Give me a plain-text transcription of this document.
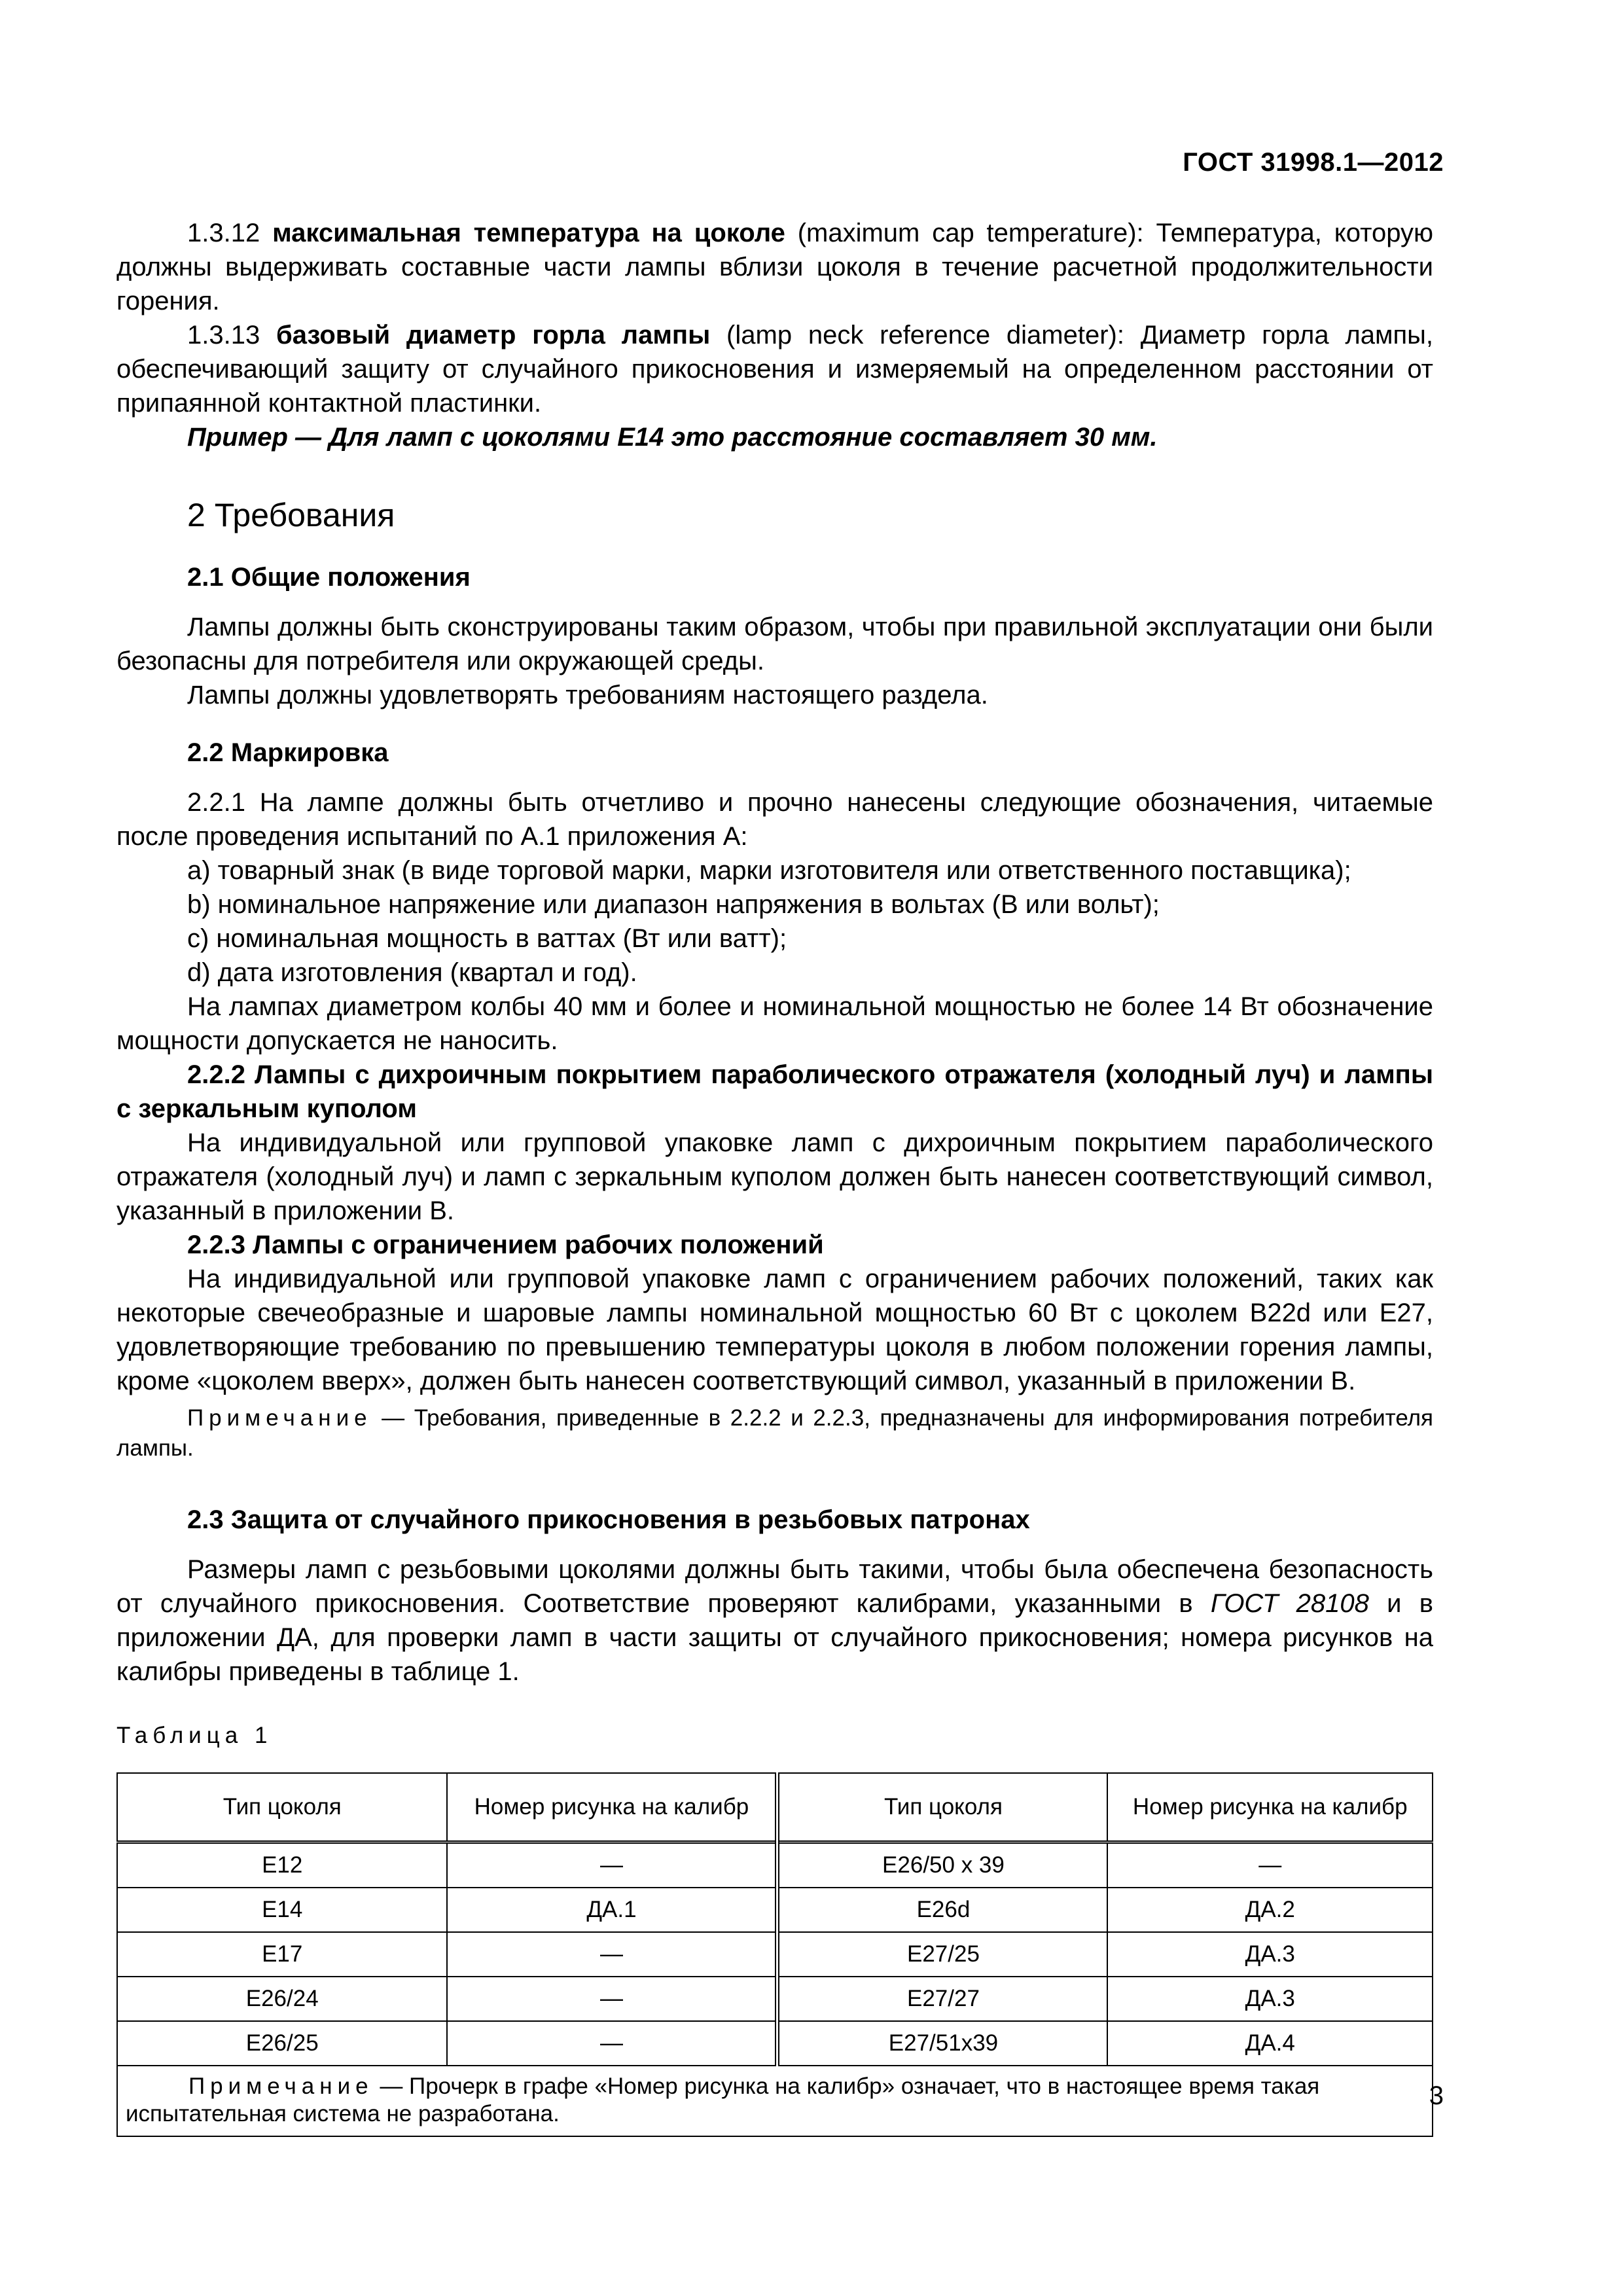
ГОСТ 31998.1—2012

1.3.12 максимальная температура на цоколе (maximum cap temperature): Температура, которую должны выдерживать составные части лампы вблизи цоколя в течение расчетной продолжительности горения.

1.3.13 базовый диаметр горла лампы (lamp neck reference diameter): Диаметр горла лампы, обеспечивающий защиту от случайного прикосновения и измеряемый на определенном расстоянии от припаянной контактной пластинки.

Пример — Для ламп с цоколями Е14 это расстояние составляет 30 мм.

2 Требования
2.1 Общие положения

Лампы должны быть сконструированы таким образом, чтобы при правильной эксплуатации они были безопасны для потребителя или окружающей среды.

Лампы должны удовлетворять требованиям настоящего раздела.

2.2 Маркировка

2.2.1 На лампе должны быть отчетливо и прочно нанесены следующие обозначения, читаемые после проведения испытаний по А.1 приложения А:

а) товарный знак (в виде торговой марки, марки изготовителя или ответственного поставщика);

b) номинальное напряжение или диапазон напряжения в вольтах (В или вольт);

c) номинальная мощность в ваттах (Вт или ватт);

d) дата изготовления (квартал и год).

На лампах диаметром колбы 40 мм и более и номинальной мощностью не более 14 Вт обозначение мощности допускается не наносить.

2.2.2 Лампы с дихроичным покрытием параболического отражателя (холодный луч) и лампы с зеркальным куполом

На индивидуальной или групповой упаковке ламп с дихроичным покрытием параболического отражателя (холодный луч) и ламп с зеркальным куполом должен быть нанесен соответствующий символ, указанный в приложении В.

2.2.3 Лампы с ограничением рабочих положений

На индивидуальной или групповой упаковке ламп с ограничением рабочих положений, таких как некоторые свечеобразные и шаровые лампы номинальной мощностью 60 Вт с цоколем В22d или Е27, удовлетворяющие требованию по превышению температуры цоколя в любом положении горения лампы, кроме «цоколем вверх», должен быть нанесен соответствующий символ, указанный в приложении В.

Примечание — Требования, приведенные в 2.2.2 и 2.2.3, предназначены для информирования потребителя лампы.

2.3 Защита от случайного прикосновения в резьбовых патронах

Размеры ламп с резьбовыми цоколями должны быть такими, чтобы была обеспечена безопасность от случайного прикосновения. Соответствие проверяют калибрами, указанными в ГОСТ 28108 и в приложении ДА, для проверки ламп в части защиты от случайного прикосновения; номера рисунков на калибры приведены в таблице 1.

Таблица 1
Тип цоколя	Номер рисунка на калибр	Тип цоколя	Номер рисунка на калибр
Е12	—	Е26/50 x 39	—
Е14	ДА.1	Е26d	ДА.2
Е17	—	Е27/25	ДА.3
Е26/24	—	Е27/27	ДА.3
Е26/25	—	Е27/51x39	ДА.4
Примечание — Прочерк в графе «Номер рисунка на калибр» означает, что в настоящее время такая испытательная система не разработана.			
3
